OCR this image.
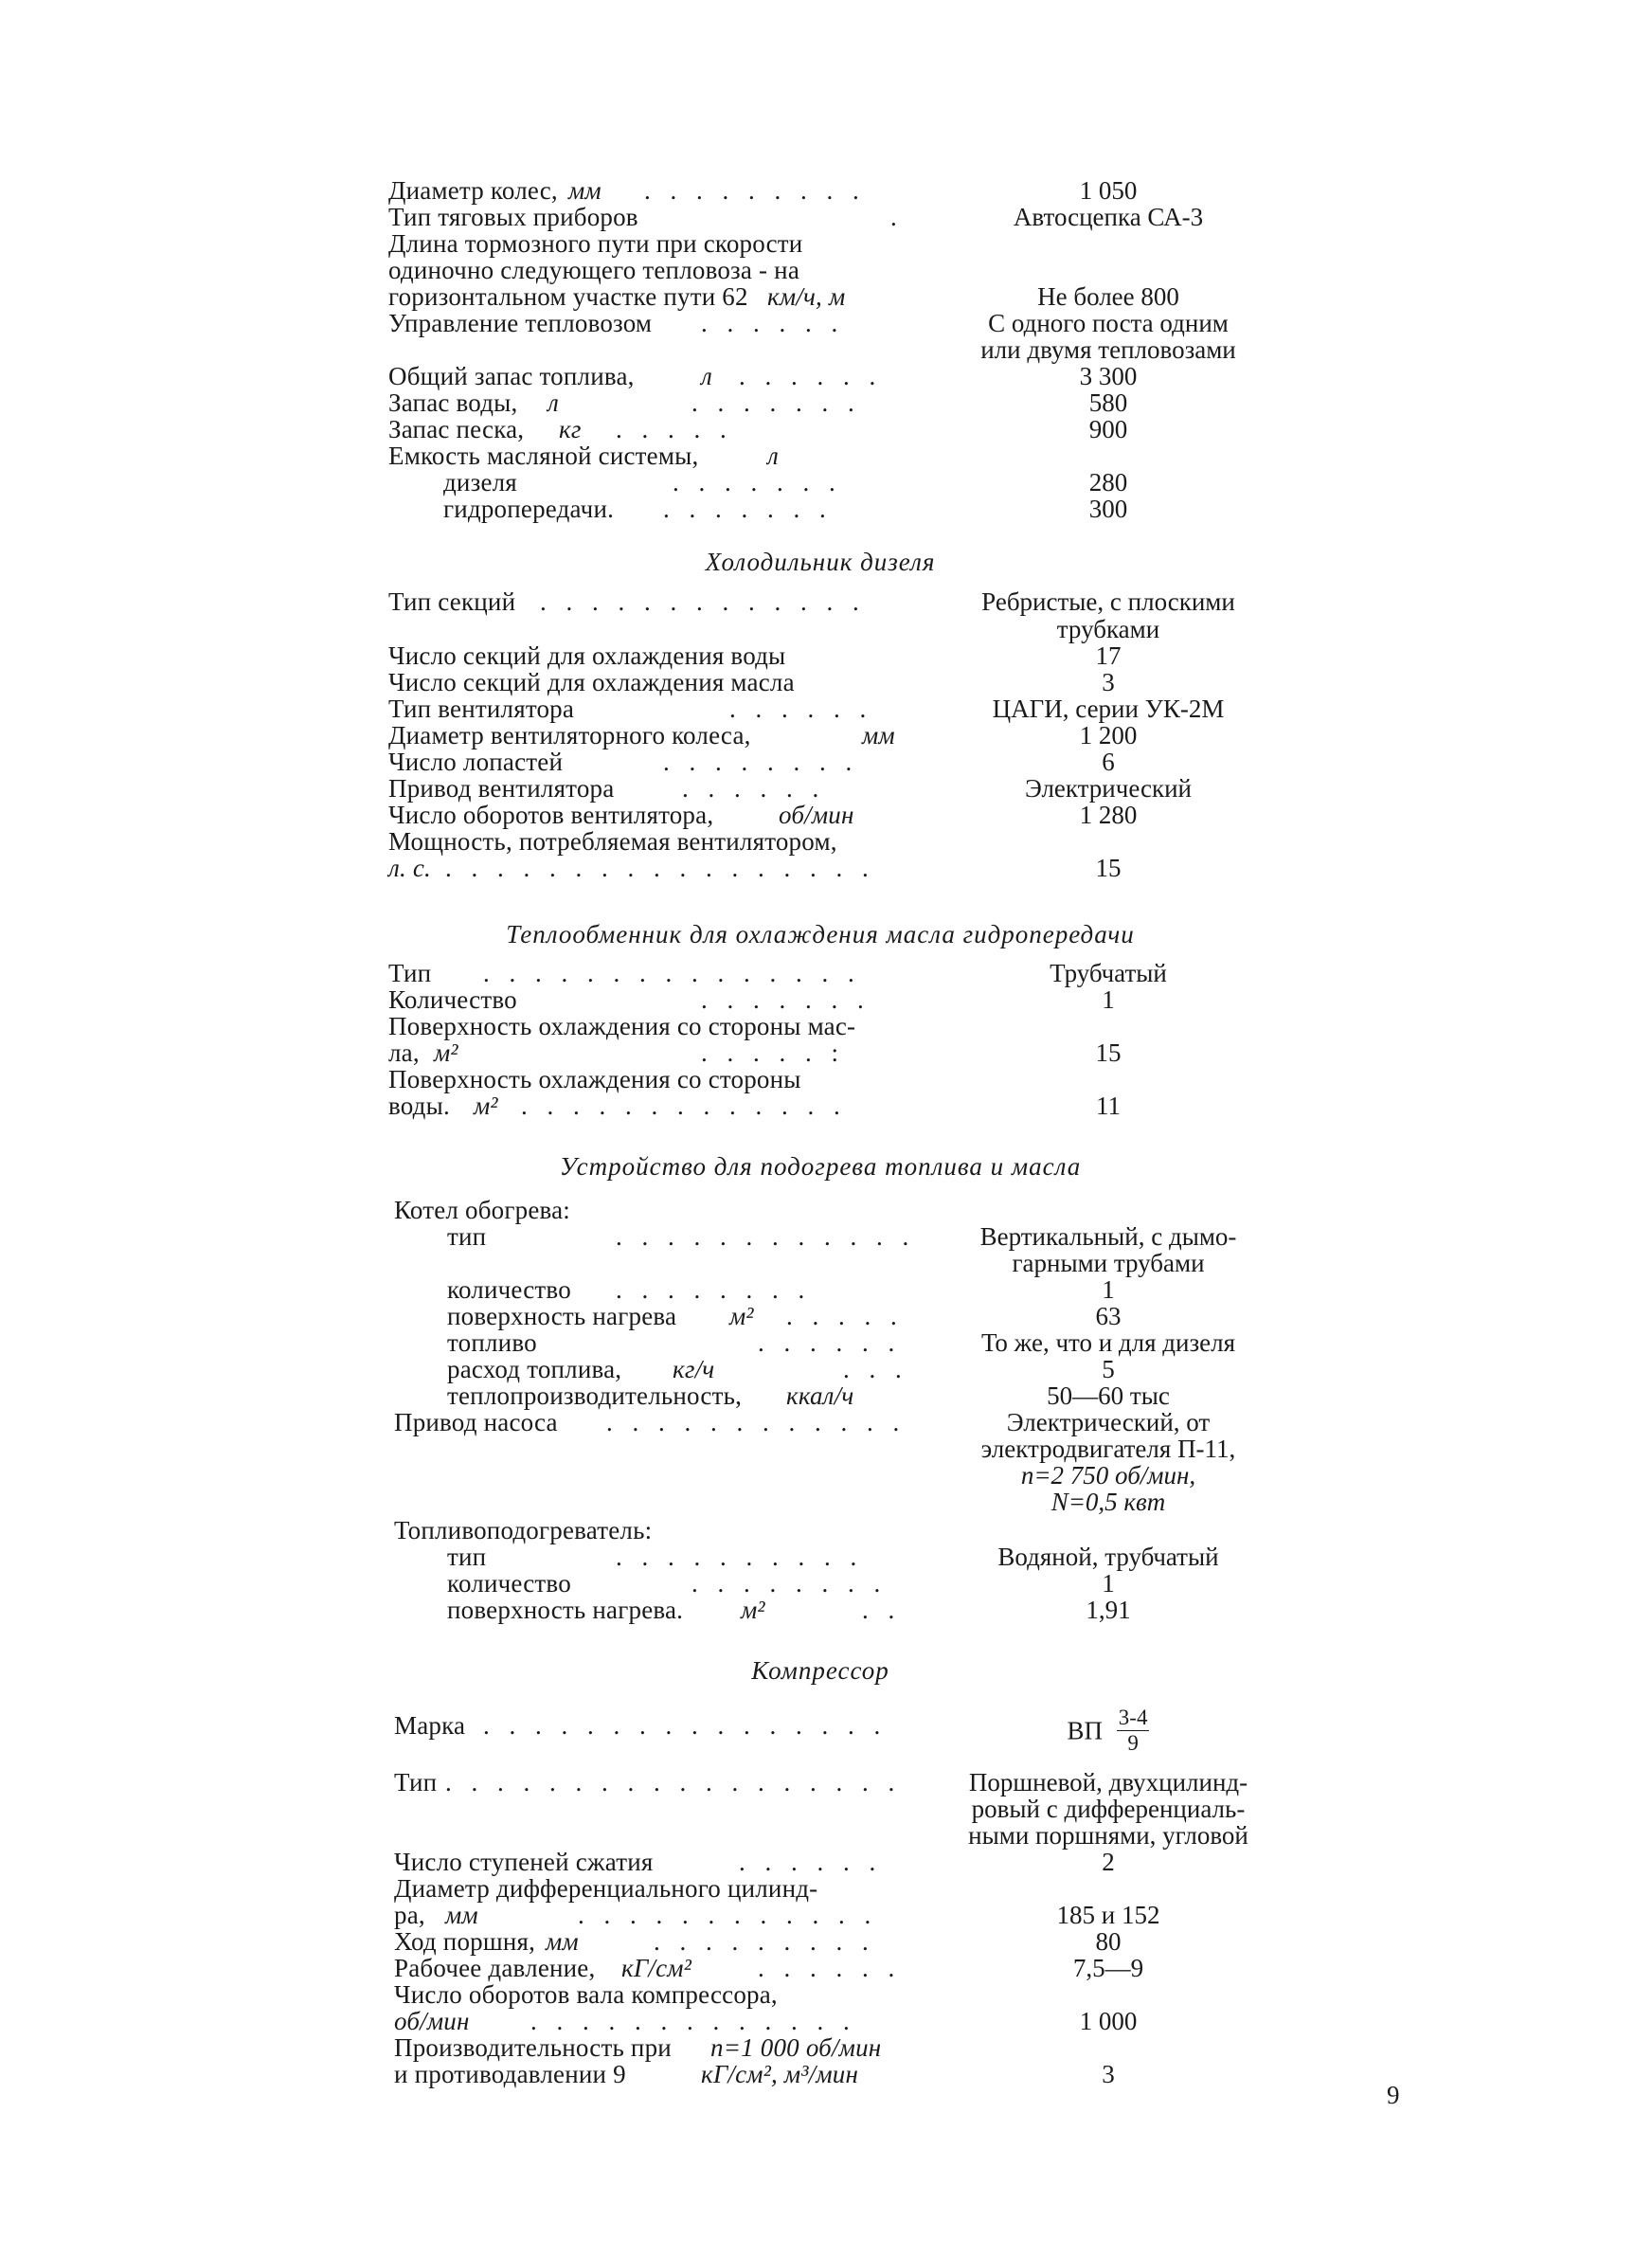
Диаметр колес, мм . . . . . . . . .	1 050
Тип тяговых приборов	.	Автосцепка СА-3
Длина тормозного пути при скорости
одиночно следующего тепловоза - на
горизонтальном участке пути 62 км/ч, м	Не более 800
Управление тепловозом . . . . . .	С одного поста одним
или двумя тепловозами
Общий запас топлива,	л . . . . . .	3 300
Запас воды, л	. . . . . . .	580
Запас песка, кг . . . . .	900
Емкость масляной системы,	л
дизеля	. . . . . . .	280
гидропередачи. . . . . . . .	300
Холодильник дизеля
Тип секций . . . . . . . . . . . . .	Ребристые, с плоскими
трубками
Число секций для охлаждения воды	17
Число секций для охлаждения масла	3
Тип вентилятора	. . . . . .	ЦАГИ, серии УК-2М
Диаметр вентиляторного колеса,	мм	1 200
Число лопастей	. . . . . . . .	6
Привод вентилятора	. . . . . .	Электрический
Число оборотов вентилятора,	об/мин	1 280
Мощность, потребляемая вентилятором,
л. с. . . . . . . . . . . . . . . . . .	15
Теплообменник для охлаждения масла гидропередачи
Тип . . . . . . . . . . . . . . .	Трубчатый
Количество	. . . . . . .	1
Поверхность охлаждения со стороны мас-
ла, м²	. . . . . :	15
Поверхность охлаждения со стороны
воды. м² . . . . . . . . . . . . .	11
Устройство для подогрева топлива и масла
Котел обогрева:
тип	. . . . . . . . . . . .	Вертикальный, с дымо-
гарными трубами
количество . . . . . . . .	1
поверхность нагрева м² . . . . .	63
топливо	. . . . . .	То же, что и для дизеля
расход топлива, кг/ч	. . .	5
теплопроизводительность, ккал/ч	50—60 тыс
Привод насоса . . . . . . . . . . . .	Электрический, от
электродвигателя П-11,
n=2 750 об/мин,
N=0,5 квт
Топливоподогреватель:
тип	. . . . . . . . . .	Водяной, трубчатый
количество	. . . . . . . .	1
поверхность нагрева. м²	. .	1,91
Компрессор
Марка . . . . . . . . . . . . . . . .	ВП $\frac{3-4}{9}$
Тип . . . . . . . . . . . . . . . . . .	Поршневой, двухцилинд-
ровый с дифференциаль-
ными поршнями, угловой
Число ступеней сжатия	. . . . . .	2
Диаметр дифференциального цилинд-
ра, мм	. . . . . . . . . . . .	185 и 152
Ход поршня, мм	. . . . . . . . .	80
Рабочее давление, кГ/см²	. . . . . .	7,5—9
Число оборотов вала компрессора,
об/мин . . . . . . . . . . . . .	1 000
Производительность при n=1 000 об/мин
и противодавлении 9	кГ/см², м³/мин	3
9
